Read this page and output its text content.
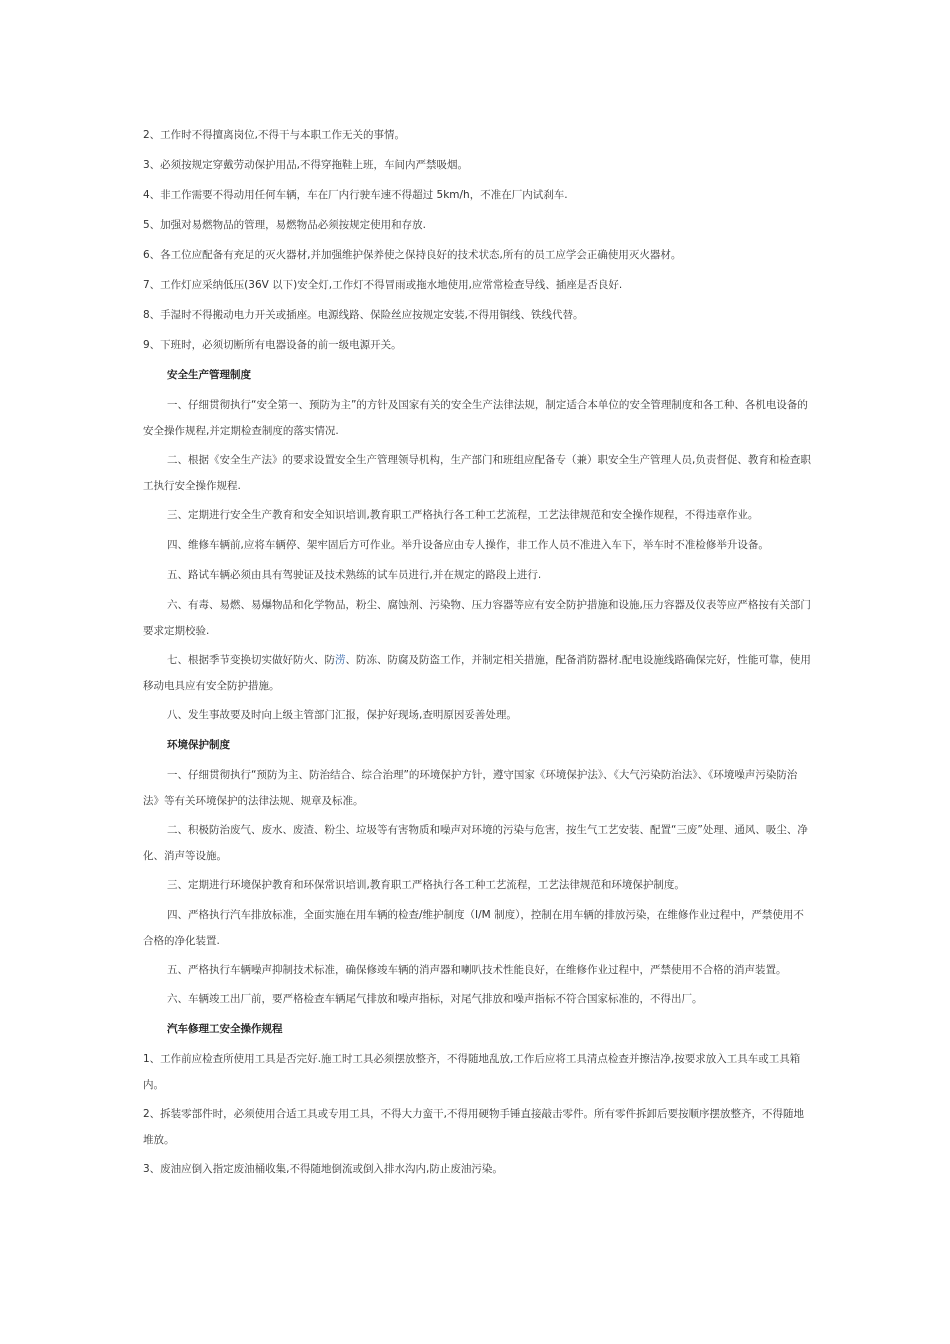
2、工作时不得擅离岗位,不得干与本职工作无关的事情。

3、必须按规定穿戴劳动保护用品,不得穿拖鞋上班，车间内严禁吸烟。

4、非工作需要不得动用任何车辆，车在厂内行驶车速不得超过 5km/h，不准在厂内试刹车.

5、加强对易燃物品的管理，易燃物品必须按规定使用和存放.

6、各工位应配备有充足的灭火器材,并加强维护保养使之保持良好的技术状态,所有的员工应学会正确使用灭火器材。

7、工作灯应采纳低压(36V 以下)安全灯,工作灯不得冒雨或拖水地使用,应常常检查导线、插座是否良好.

8、手湿时不得搬动电力开关或插座。电源线路、保险丝应按规定安装,不得用铜线、铁线代替。

9、下班时，必须切断所有电器设备的前一级电源开关。

安全生产管理制度

一、仔细贯彻执行“安全第一、预防为主”的方针及国家有关的安全生产法律法规，制定适合本单位的安全管理制度和各工种、各机电设备的安全操作规程,并定期检查制度的落实情况.

二、根据《安全生产法》的要求设置安全生产管理领导机构，生产部门和班组应配备专（兼）职安全生产管理人员,负责督促、教育和检查职工执行安全操作规程.

三、定期进行安全生产教育和安全知识培训,教育职工严格执行各工种工艺流程，工艺法律规范和安全操作规程，不得违章作业。

四、维修车辆前,应将车辆停、架牢固后方可作业。举升设备应由专人操作，非工作人员不准进入车下，举车时不准检修举升设备。

五、路试车辆必须由具有驾驶证及技术熟练的试车员进行,并在规定的路段上进行.

六、有毒、易燃、易爆物品和化学物品，粉尘、腐蚀剂、污染物、压力容器等应有安全防护措施和设施,压力容器及仪表等应严格按有关部门要求定期校验.

七、根据季节变换切实做好防火、防涝、防冻、防腐及防盗工作，并制定相关措施，配备消防器材.配电设施线路确保完好，性能可靠，使用移动电具应有安全防护措施。

八、发生事故要及时向上级主管部门汇报，保护好现场,查明原因妥善处理。

环境保护制度

一、仔细贯彻执行“预防为主、防治结合、综合治理”的环境保护方针，遵守国家《环境保护法》、《大气污染防治法》、《环境噪声污染防治法》等有关环境保护的法律法规、规章及标准。

二、积极防治废气、废水、废渣、粉尘、垃圾等有害物质和噪声对环境的污染与危害，按生气工艺安装、配置“三废”处理、通风、吸尘、净化、消声等设施。

三、定期进行环境保护教育和环保常识培训,教育职工严格执行各工种工艺流程，工艺法律规范和环境保护制度。

四、严格执行汽车排放标准，全面实施在用车辆的检查/维护制度（I/M 制度），控制在用车辆的排放污染，在维修作业过程中，严禁使用不合格的净化装置.

五、严格执行车辆噪声抑制技术标准，确保修竣车辆的消声器和喇叭技术性能良好，在维修作业过程中，严禁使用不合格的消声装置。

六、车辆竣工出厂前，要严格检查车辆尾气排放和噪声指标，对尾气排放和噪声指标不符合国家标准的，不得出厂。

汽车修理工安全操作规程

1、工作前应检查所使用工具是否完好.施工时工具必须摆放整齐，不得随地乱放,工作后应将工具清点检查并擦洁净,按要求放入工具车或工具箱内。

2、拆装零部件时，必须使用合适工具或专用工具，不得大力蛮干,不得用硬物手锤直接敲击零件。所有零件拆卸后要按顺序摆放整齐，不得随地堆放。

3、废油应倒入指定废油桶收集,不得随地倒流或倒入排水沟内,防止废油污染。
